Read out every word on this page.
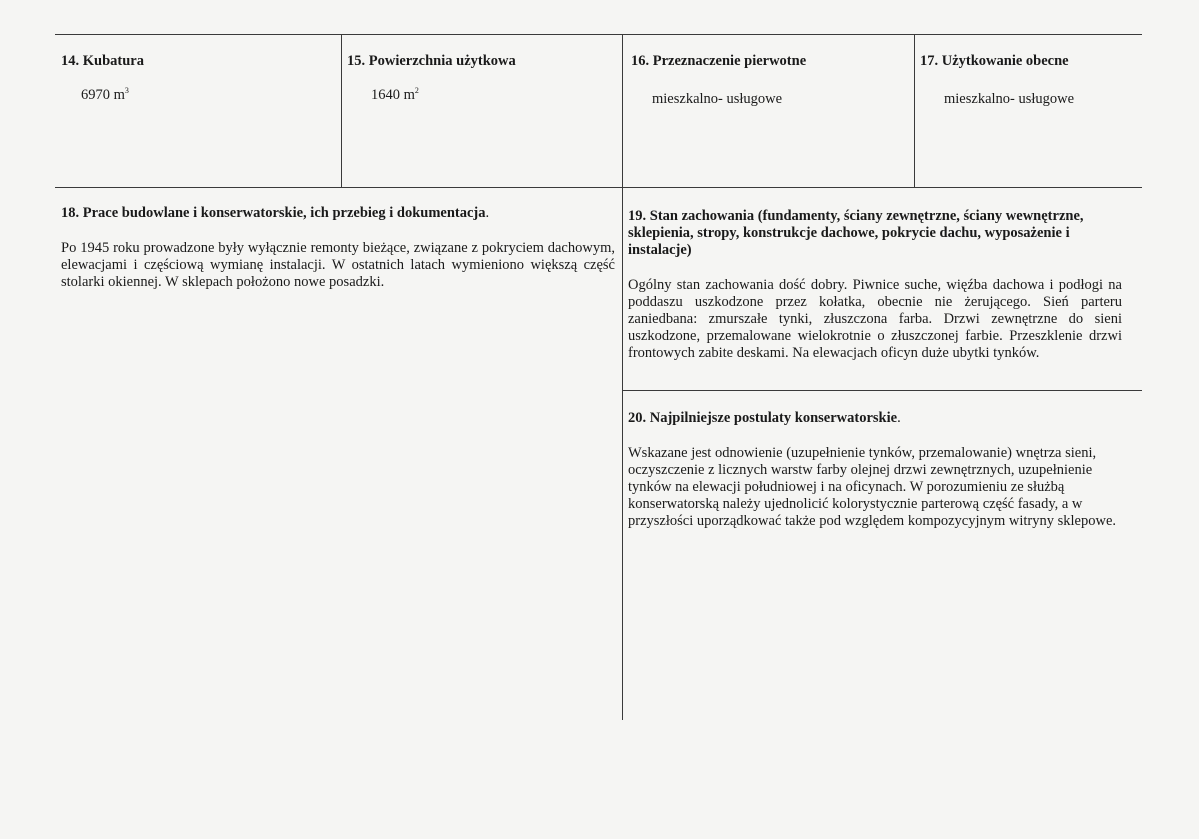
14. Kubatura
6970 $m^3$
15. Powierzchnia użytkowa
1640 $m^2$
16. Przeznaczenie pierwotne
mieszkalno- usługowe
17. Użytkowanie obecne
mieszkalno- usługowe
18. Prace budowlane i konserwatorskie, ich przebieg i dokumentacja.

Po 1945 roku prowadzone były wyłącznie remonty bieżące, związane z pokryciem dachowym, elewacjami i częściową wymianę instalacji. W ostatnich latach wymieniono większą część stolarki okiennej. W sklepach położono nowe posadzki.

19. Stan zachowania (fundamenty, ściany zewnętrzne, ściany wewnętrzne, sklepienia, stropy, konstrukcje dachowe, pokrycie dachu, wyposażenie i instalacje)

Ogólny stan zachowania dość dobry. Piwnice suche, więźba dachowa i podłogi na poddaszu uszkodzone przez kołatka, obecnie nie żerującego. Sień parteru zaniedbana: zmurszałe tynki, złuszczona farba. Drzwi zewnętrzne do sieni uszkodzone, przemalowane wielokrotnie o złuszczonej farbie. Przeszklenie drzwi frontowych zabite deskami. Na elewacjach oficyn duże ubytki tynków.

20. Najpilniejsze postulaty konserwatorskie.

Wskazane jest odnowienie (uzupełnienie tynków, przemalowanie) wnętrza sieni, oczyszczenie z licznych warstw farby olejnej drzwi zewnętrznych, uzupełnienie tynków na elewacji południowej i na oficynach. W porozumieniu ze służbą konserwatorską należy ujednolicić kolorystycznie parterową część fasady, a w przyszłości uporządkować także pod względem kompozycyjnym witryny sklepowe.
